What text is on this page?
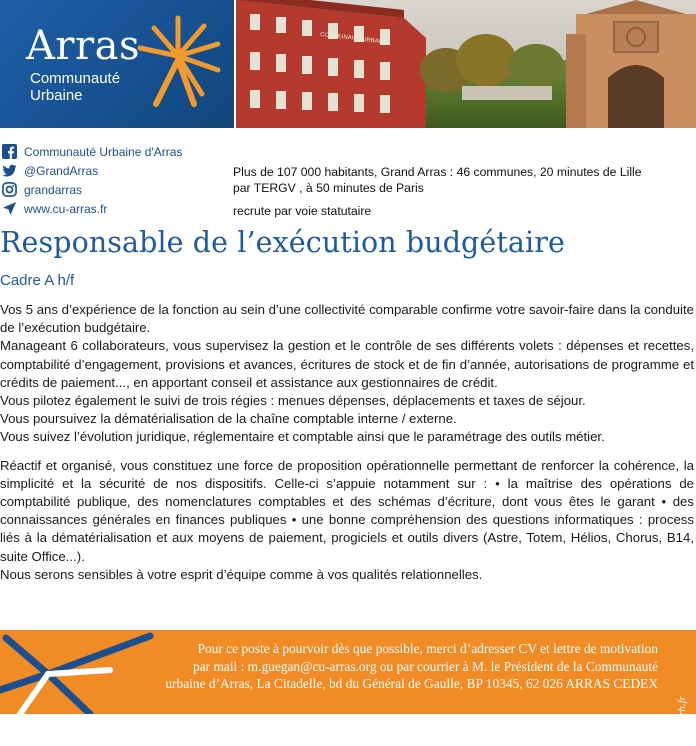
Arras
Communauté
Urbaine
COMMUNAUTÉ
URBAINE
Communauté Urbaine d'Arras
@GrandArras
grandarras
www.cu-arras.fr

Plus de 107 000 habitants, Grand Arras : 46 communes, 20 minutes de Lille

par TERGV , à 50 minutes de Paris

recrute par voie statutaire

Responsable de l’exécution budgétaire
Cadre A h/f

Vos 5 ans d’expérience de la fonction au sein d’une collectivité comparable confirme votre savoir-faire dans la conduite de l’exécution budgétaire.

Manageant 6 collaborateurs, vous supervisez la gestion et le contrôle de ses différents volets : dépenses et recettes, comptabilité d’engagement, provisions et avances, écritures de stock et de fin d’année, autorisations de programme et crédits de paiement..., en apportant conseil et assistance aux gestionnaires de crédit.

Vous pilotez également le suivi de trois régies : menues dépenses, déplacements et taxes de séjour.

Vous poursuivez la dématérialisation de la chaîne comptable interne / externe.

Vous suivez l’évolution juridique, réglementaire et comptable ainsi que le paramétrage des outils métier.

Réactif et organisé, vous constituez une force de proposition opérationnelle permettant de renforcer la cohérence, la simplicité et la sécurité de nos dispositifs. Celle-ci s’appuie notamment sur : • la maîtrise des opérations de comptabilité publique, des nomenclatures comptables et des schémas d’écriture, dont vous êtes le garant • des connaissances générales en finances publiques • une bonne compréhension des questions informatiques : process liés à la dématérialisation et aux moyens de paiement, progiciels et outils divers (Astre, Totem, Hélios, Chorus, B14, suite Office...).

Nous serons sensibles à votre esprit d’équipe comme à vos qualités relationnelles.

Pour ce poste à pourvoir dès que possible, merci d’adresser CV et lettre de motivation

par mail : m.guegan@cu-arras.org ou par courrier à M. le Président de la Communauté

urbaine d’Arras, La Citadelle, bd du Général de Gaulle, BP 10345, 62 026 ARRAS CEDEX

Safari-rh.fr
